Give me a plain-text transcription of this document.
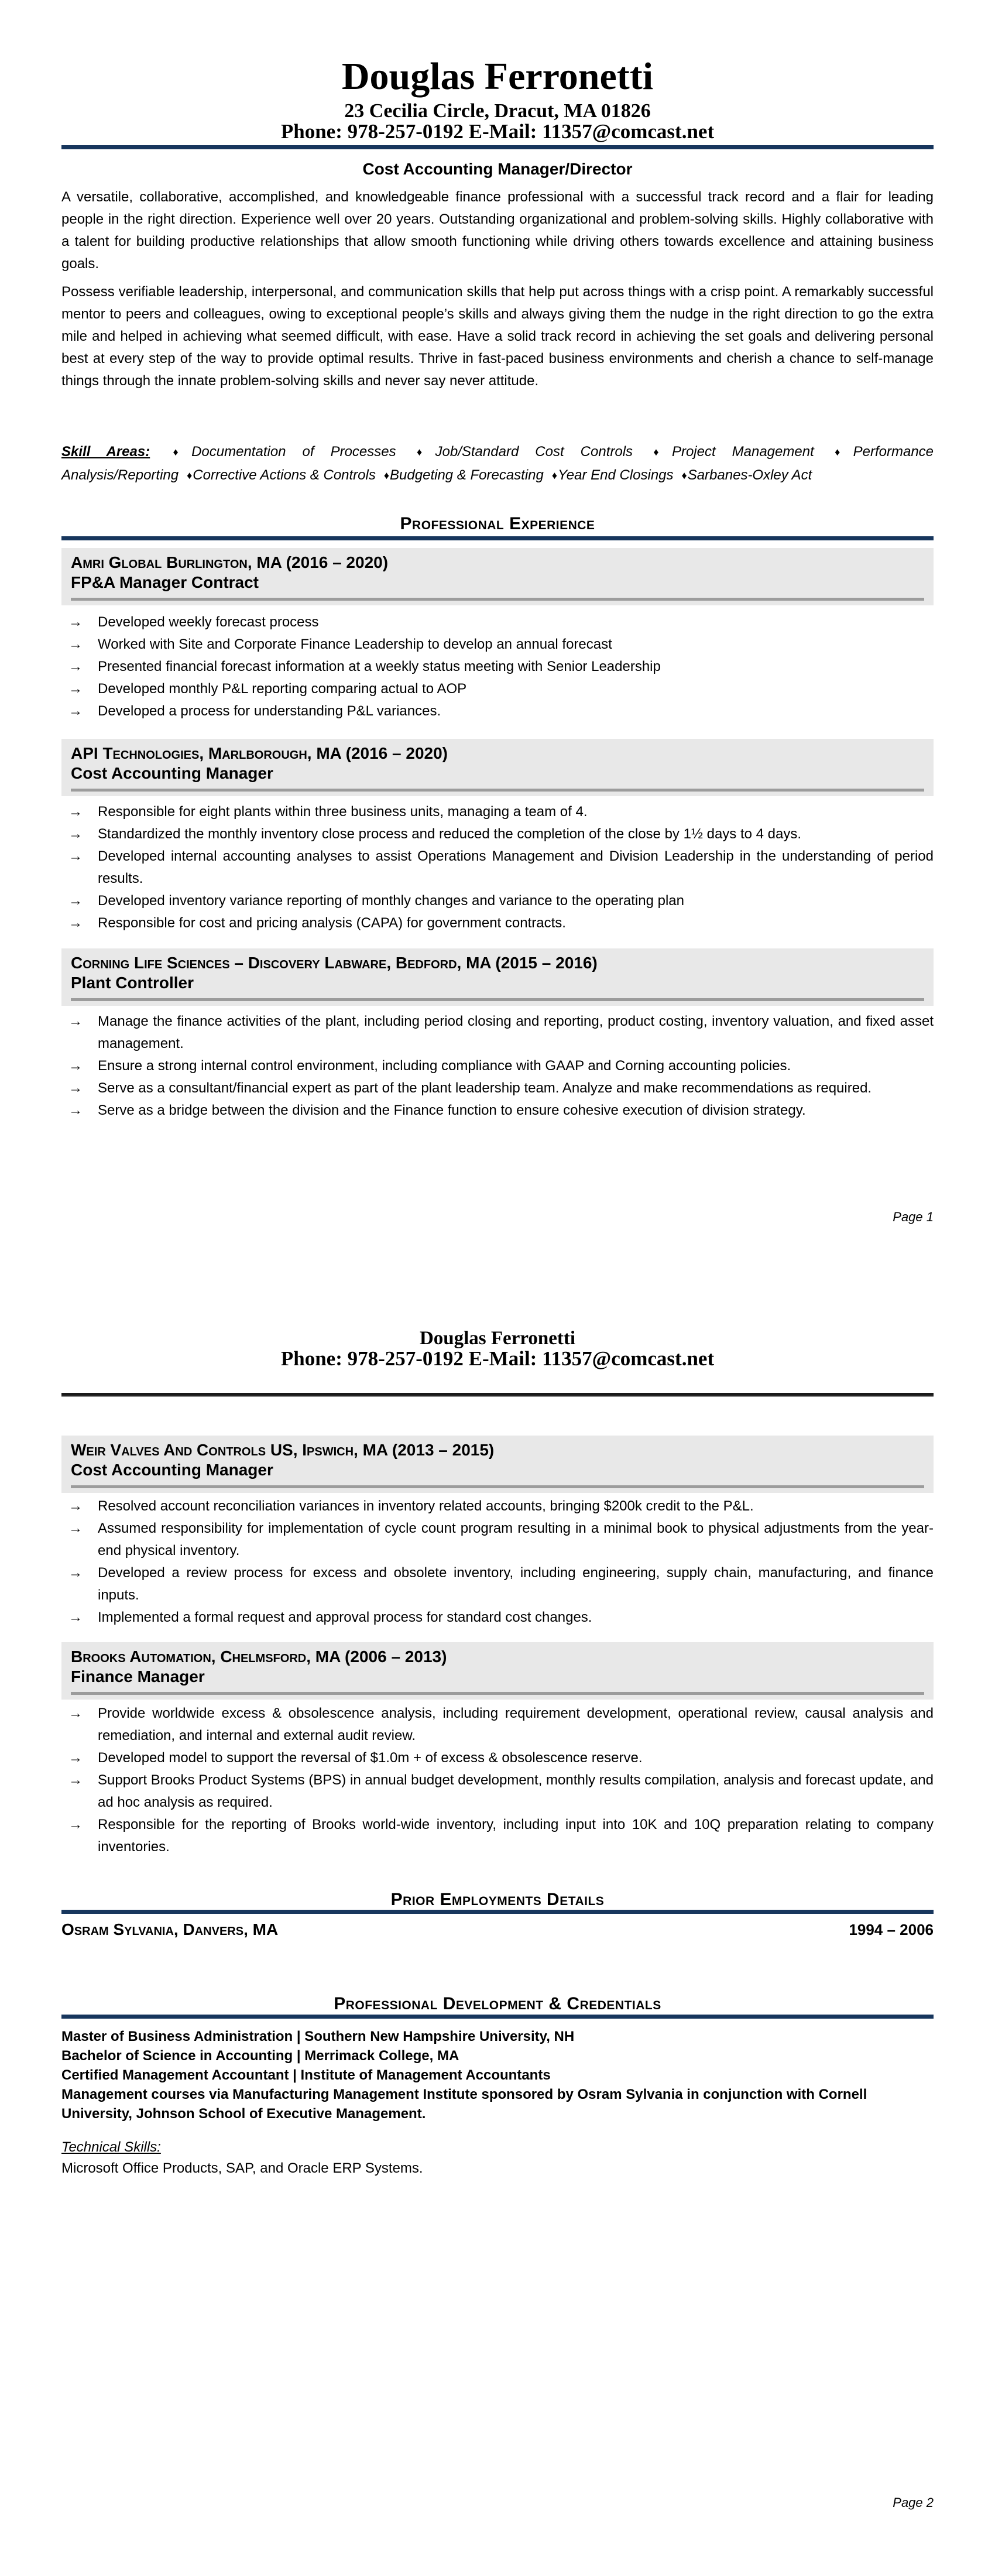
Douglas Ferronetti
23 Cecilia Circle, Dracut, MA 01826
Phone: 978-257-0192 E-Mail: 11357@comcast.net
Cost Accounting Manager/Director
A versatile, collaborative, accomplished, and knowledgeable finance professional with a successful track record and a flair for leading people in the right direction. Experience well over 20 years. Outstanding organizational and problem-solving skills. Highly collaborative with a talent for building productive relationships that allow smooth functioning while driving others towards excellence and attaining business goals.
Possess verifiable leadership, interpersonal, and communication skills that help put across things with a crisp point. A remarkably successful mentor to peers and colleagues, owing to exceptional people’s skills and always giving them the nudge in the right direction to go the extra mile and helped in achieving what seemed difficult, with ease. Have a solid track record in achieving the set goals and delivering personal best at every step of the way to provide optimal results. Thrive in fast-paced business environments and cherish a chance to self-manage things through the innate problem-solving skills and never say never attitude.
Skill Areas: ♦Documentation of Processes ♦Job/Standard Cost Controls ♦Project Management ♦Performance Analysis/Reporting ♦Corrective Actions & Controls ♦Budgeting & Forecasting ♦Year End Closings ♦Sarbanes-Oxley Act
Professional Experience
Amri Global Burlington, MA (2016 – 2020)
FP&A Manager Contract
→ Developed weekly forecast process
→ Worked with Site and Corporate Finance Leadership to develop an annual forecast
→ Presented financial forecast information at a weekly status meeting with Senior Leadership
→ Developed monthly P&L reporting comparing actual to AOP
→ Developed a process for understanding P&L variances.
API Technologies, Marlborough, MA (2016 – 2020)
Cost Accounting Manager
→ Responsible for eight plants within three business units, managing a team of 4.
→ Standardized the monthly inventory close process and reduced the completion of the close by 1½ days to 4 days.
→ Developed internal accounting analyses to assist Operations Management and Division Leadership in the understanding of period results.
→ Developed inventory variance reporting of monthly changes and variance to the operating plan
→ Responsible for cost and pricing analysis (CAPA) for government contracts.
Corning Life Sciences – Discovery Labware, Bedford, MA (2015 – 2016)
Plant Controller
→ Manage the finance activities of the plant, including period closing and reporting, product costing, inventory valuation, and fixed asset management.
→ Ensure a strong internal control environment, including compliance with GAAP and Corning accounting policies.
→ Serve as a consultant/financial expert as part of the plant leadership team. Analyze and make recommendations as required.
→ Serve as a bridge between the division and the Finance function to ensure cohesive execution of division strategy.
Page 1
Douglas Ferronetti
Phone: 978-257-0192 E-Mail: 11357@comcast.net
Weir Valves And Controls US, Ipswich, MA (2013 – 2015)
Cost Accounting Manager
→ Resolved account reconciliation variances in inventory related accounts, bringing $200k credit to the P&L.
→ Assumed responsibility for implementation of cycle count program resulting in a minimal book to physical adjustments from the year-end physical inventory.
→ Developed a review process for excess and obsolete inventory, including engineering, supply chain, manufacturing, and finance inputs.
→ Implemented a formal request and approval process for standard cost changes.
Brooks Automation, Chelmsford, MA (2006 – 2013)
Finance Manager
→ Provide worldwide excess & obsolescence analysis, including requirement development, operational review, causal analysis and remediation, and internal and external audit review.
→ Developed model to support the reversal of $1.0m + of excess & obsolescence reserve.
→ Support Brooks Product Systems (BPS) in annual budget development, monthly results compilation, analysis and forecast update, and ad hoc analysis as required.
→ Responsible for the reporting of Brooks world-wide inventory, including input into 10K and 10Q preparation relating to company inventories.
Prior Employments Details
Osram Sylvania, Danvers, MA	1994 – 2006
Professional Development & Credentials
Master of Business Administration | Southern New Hampshire University, NH
Bachelor of Science in Accounting | Merrimack College, MA
Certified Management Accountant | Institute of Management Accountants
Management courses via Manufacturing Management Institute sponsored by Osram Sylvania in conjunction with Cornell University, Johnson School of Executive Management.
Technical Skills:
Microsoft Office Products, SAP, and Oracle ERP Systems.
Page 2
